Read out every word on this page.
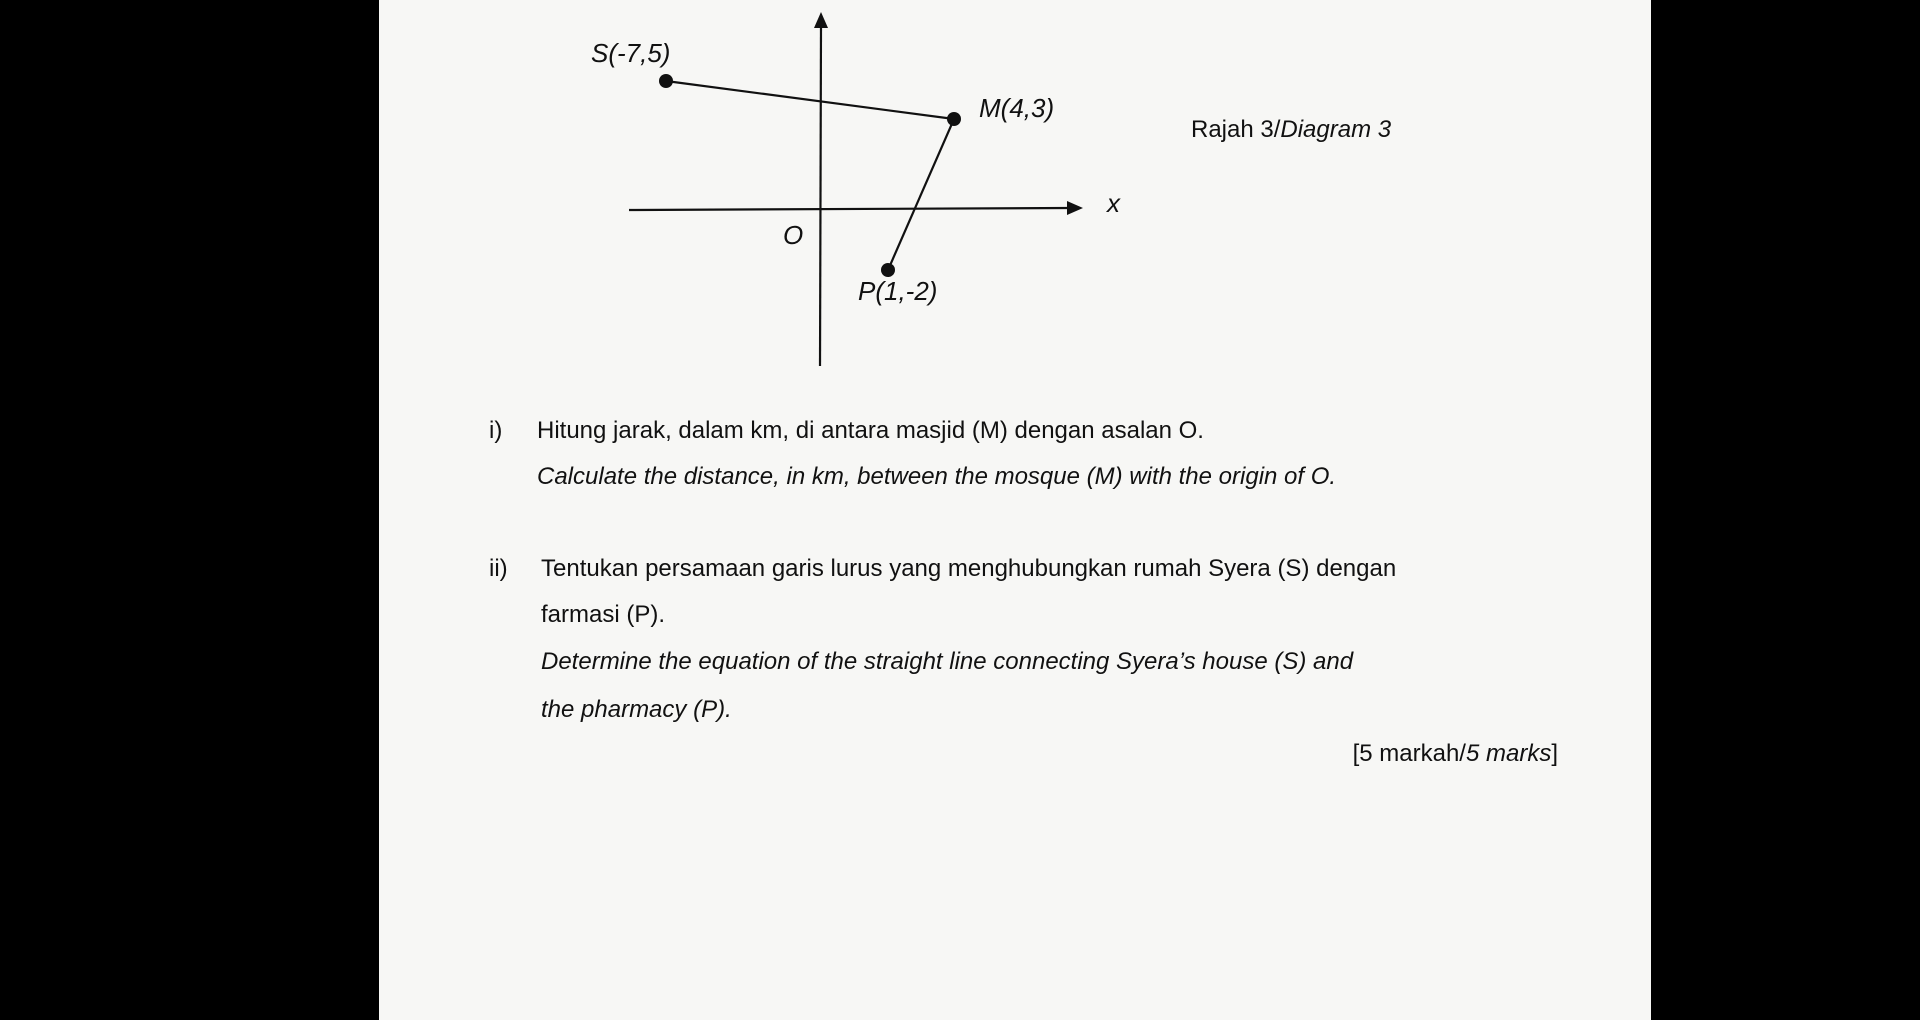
S(-7,5)
M(4,3)
P(1,-2)
O
x
Rajah 3/Diagram 3
i) Hitung jarak, dalam km, di antara masjid (M) dengan asalan O.
Calculate the distance, in km, between the mosque (M) with the origin of O.
ii) Tentukan persamaan garis lurus yang menghubungkan rumah Syera (S) dengan
farmasi (P).
Determine the equation of the straight line connecting Syera’s house (S) and
the pharmacy (P).
[5 markah/5 marks]
